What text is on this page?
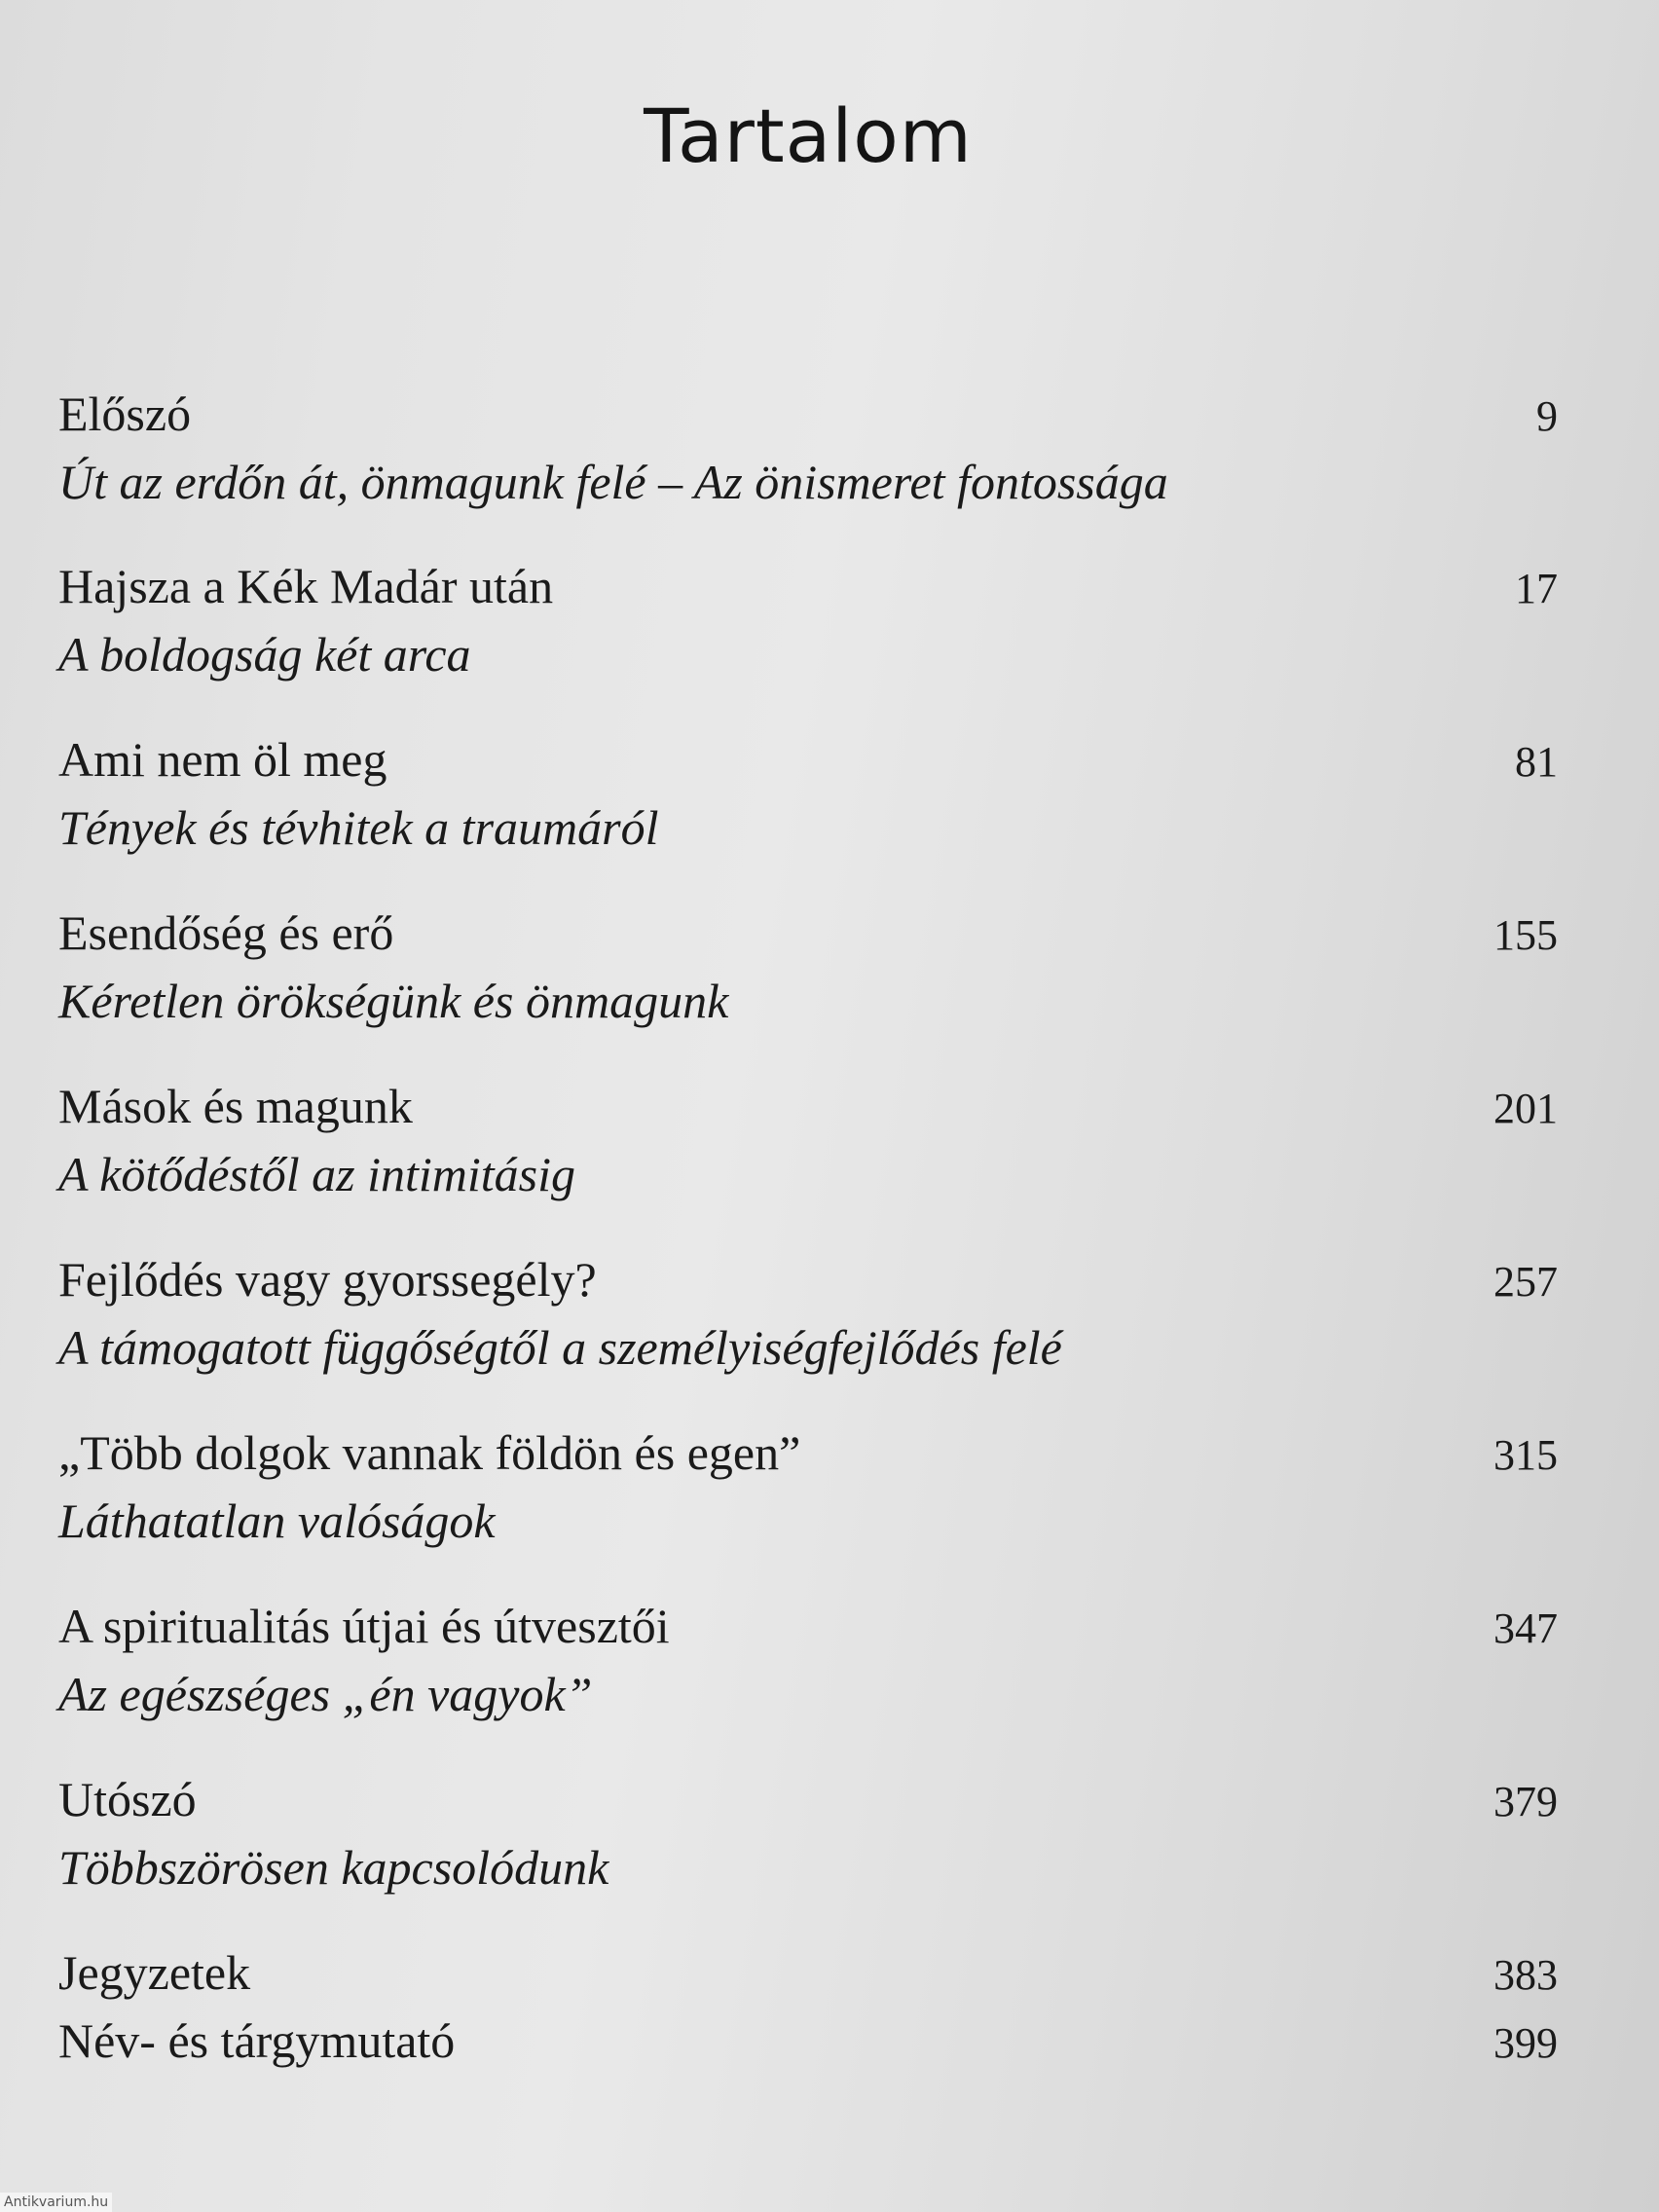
Tartalom
Előszó	9
Út az erdőn át, önmagunk felé – Az önismeret fontossága
Hajsza a Kék Madár után	17
A boldogság két arca
Ami nem öl meg	81
Tények és tévhitek a traumáról
Esendőség és erő	155
Kéretlen örökségünk és önmagunk
Mások és magunk	201
A kötődéstől az intimitásig
Fejlődés vagy gyorssegély?	257
A támogatott függőségtől a személyiségfejlődés felé
„Több dolgok vannak földön és egen”	315
Láthatatlan valóságok
A spiritualitás útjai és útvesztői	347
Az egészséges „én vagyok”
Utószó	379
Többszörösen kapcsolódunk
Jegyzetek	383
Név- és tárgymutató	399
Antikvarium.hu
